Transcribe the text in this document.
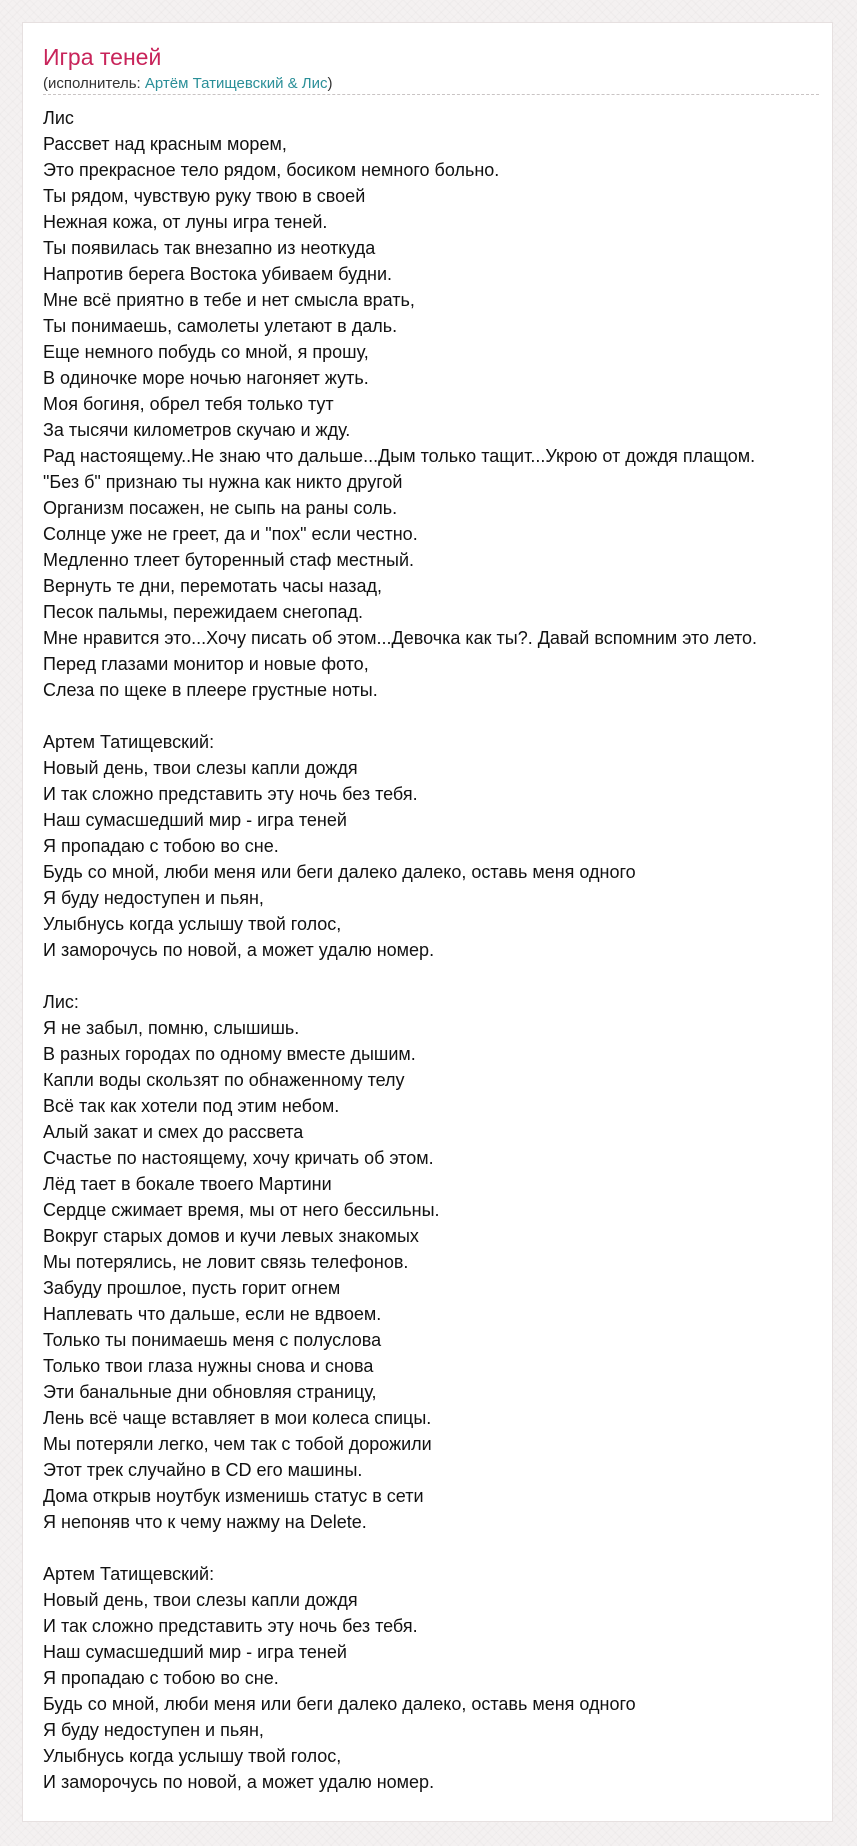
Игра теней
(исполнитель: Артём Татищевский & Лис)
Лис
Рассвет над красным морем,
Это прекрасное тело рядом, босиком немного больно.
Ты рядом, чувствую руку твою в своей
Нежная кожа, от луны игра теней.
Ты появилась так внезапно из неоткуда
Напротив берега Востока убиваем будни.
Мне всё приятно в тебе и нет смысла врать,
Ты понимаешь, самолеты улетают в даль.
Еще немного побудь со мной, я прошу,
В одиночке море ночью нагоняет жуть.
Моя богиня, обрел тебя только тут
За тысячи километров скучаю и жду.
Рад настоящему..Не знаю что дальше...Дым только тащит...Укрою от дождя плащом.
"Без б" признаю ты нужна как никто другой
Организм посажен, не сыпь на раны соль.
Солнце уже не греет, да и "пох" если честно.
Медленно тлеет буторенный стаф местный.
Вернуть те дни, перемотать часы назад,
Песок пальмы, пережидаем снегопад.
Мне нравится это...Хочу писать об этом...Девочка как ты?. Давай вспомним это лето.
Перед глазами монитор и новые фото,
Слеза по щеке в плеере грустные ноты.
Артем Татищевский:
Новый день, твои слезы капли дождя
И так сложно представить эту ночь без тебя.
Наш сумасшедший мир - игра теней
Я пропадаю с тобою во сне.
Будь со мной, люби меня или беги далеко далеко, оставь меня одного
Я буду недоступен и пьян,
Улыбнусь когда услышу твой голос,
И заморочусь по новой, а может удалю номер.
Лис:
Я не забыл, помню, слышишь.
В разных городах по одному вместе дышим.
Капли воды скользят по обнаженному телу
Всё так как хотели под этим небом.
Алый закат и смех до рассвета
Счастье по настоящему, хочу кричать об этом.
Лёд тает в бокале твоего Мартини
Сердце сжимает время, мы от него бессильны.
Вокруг старых домов и кучи левых знакомых
Мы потерялись, не ловит связь телефонов.
Забуду прошлое, пусть горит огнем
Наплевать что дальше, если не вдвоем.
Только ты понимаешь меня с полуслова
Только твои глаза нужны снова и снова
Эти банальные дни обновляя страницу,
Лень всё чаще вставляет в мои колеса спицы.
Мы потеряли легко, чем так с тобой дорожили
Этот трек случайно в CD его машины.
Дома открыв ноутбук изменишь статус в сети
Я непоняв что к чему нажму на Delete.
Артем Татищевский:
Новый день, твои слезы капли дождя
И так сложно представить эту ночь без тебя.
Наш сумасшедший мир - игра теней
Я пропадаю с тобою во сне.
Будь со мной, люби меня или беги далеко далеко, оставь меня одного
Я буду недоступен и пьян,
Улыбнусь когда услышу твой голос,
И заморочусь по новой, а может удалю номер.
